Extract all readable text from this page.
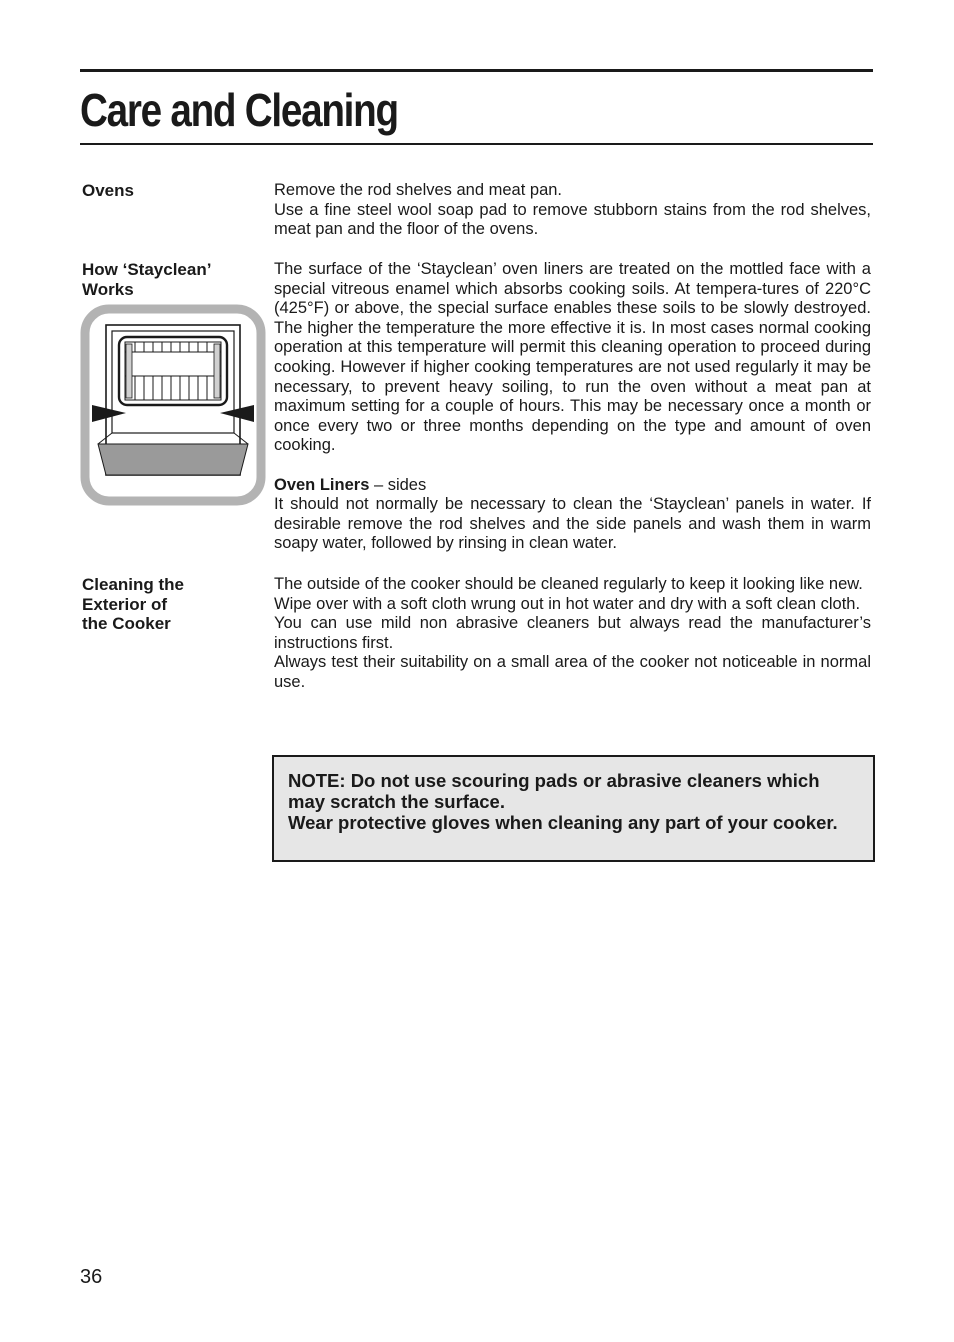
Care and Cleaning
Ovens	Remove the rod shelves and meat pan.

Use a fine steel wool soap pad to remove stubborn stains from the rod shelves, meat pan and the floor of the ovens.

How ‘Stayclean’
Works

The surface of the ‘Stayclean’ oven liners are treated on the mottled face with a special vitreous enamel which absorbs cooking soils. At tempera-tures of 220°C (425°F) or above, the special surface enables these soils to be slowly destroyed. The higher the temperature the more effective it is. In most cases normal cooking operation at this temperature will permit this cleaning operation to proceed during cooking. However if higher cooking temperatures are not used regularly it may be necessary, to prevent heavy soiling, to run the oven without a meat pan at maximum setting for a couple of hours. This may be necessary once a month or once every two or three months depending on the type and amount of oven cooking.

Oven Liners – sides

It should not normally be necessary to clean the ‘Stayclean’ panels in water. If desirable remove the rod shelves and the side panels and wash them in warm soapy water, followed by rinsing in clean water.

Cleaning the
Exterior of
the Cooker

The outside of the cooker should be cleaned regularly to keep it looking like new.

Wipe over with a soft cloth wrung out in hot water and dry with a soft clean cloth.

You can use mild non abrasive cleaners but always read the manufacturer’s instructions first.

Always test their suitability on a small area of the cooker not noticeable in normal use.

NOTE: Do not use scouring pads or abrasive cleaners which may scratch the surface.

Wear protective gloves when cleaning any part of your cooker.

36
